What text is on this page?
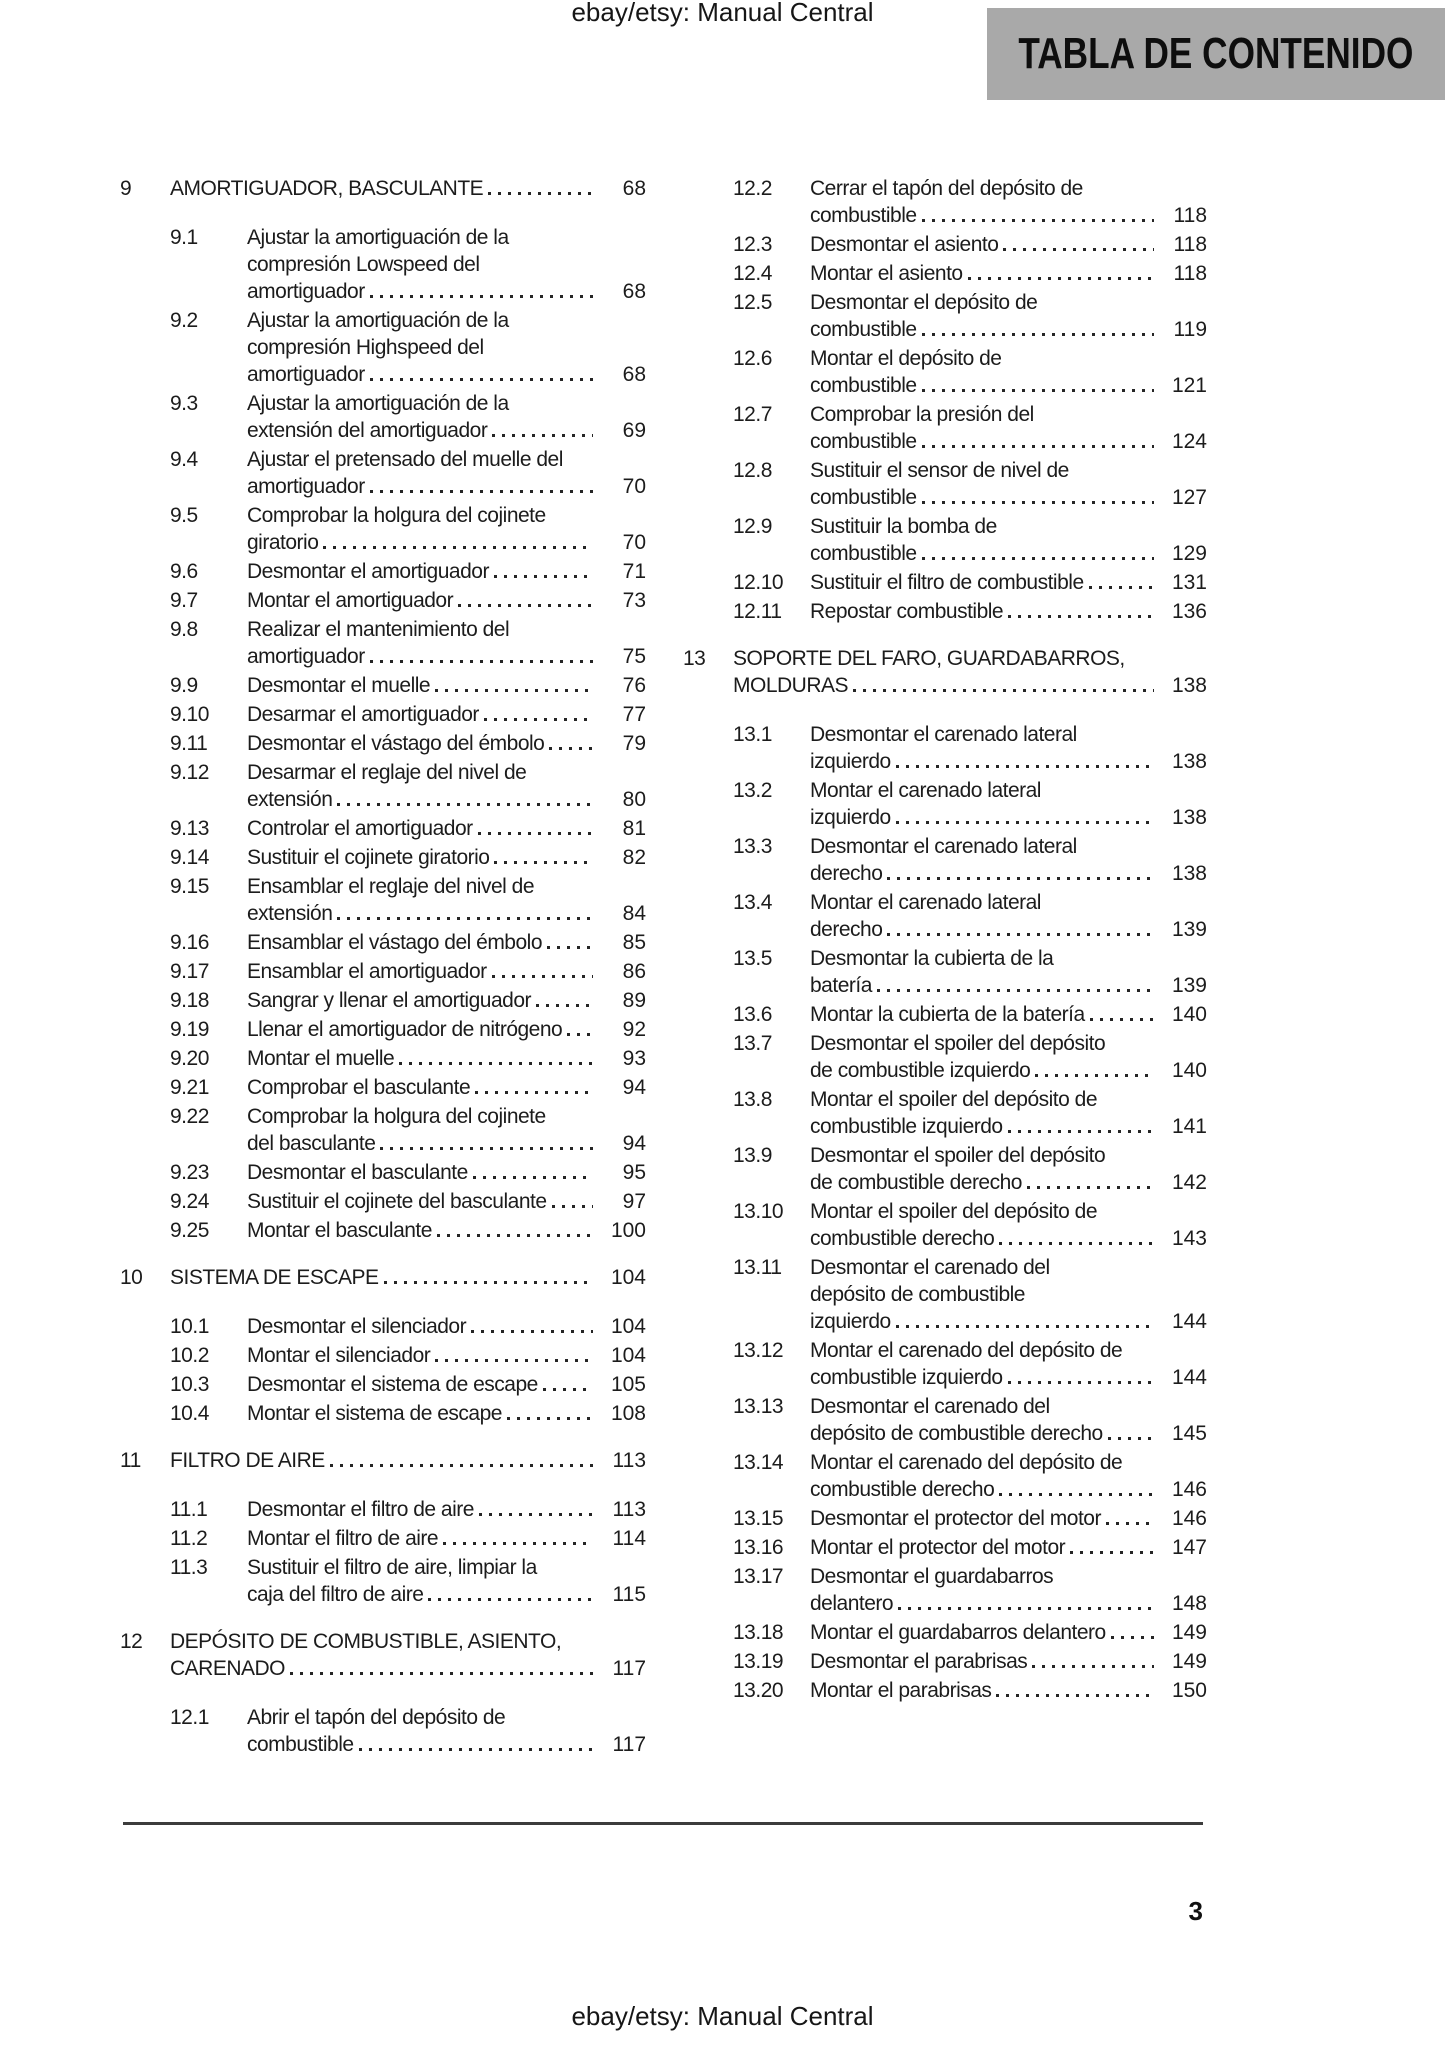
ebay/etsy: Manual Central
TABLA DE CONTENIDO
9	AMORTIGUADOR, BASCULANTE	68
9.1	Ajustar la amortiguación de la
compresión Lowspeed del
amortiguador	68
9.2	Ajustar la amortiguación de la
compresión Highspeed del
amortiguador	68
9.3	Ajustar la amortiguación de la
extensión del amortiguador	69
9.4	Ajustar el pretensado del muelle del
amortiguador	70
9.5	Comprobar la holgura del cojinete
giratorio	70
9.6	Desmontar el amortiguador	71
9.7	Montar el amortiguador	73
9.8	Realizar el mantenimiento del
amortiguador	75
9.9	Desmontar el muelle	76
9.10	Desarmar el amortiguador	77
9.11	Desmontar el vástago del émbolo	79
9.12	Desarmar el reglaje del nivel de
extensión	80
9.13	Controlar el amortiguador	81
9.14	Sustituir el cojinete giratorio	82
9.15	Ensamblar el reglaje del nivel de
extensión	84
9.16	Ensamblar el vástago del émbolo	85
9.17	Ensamblar el amortiguador	86
9.18	Sangrar y llenar el amortiguador	89
9.19	Llenar el amortiguador de nitrógeno	92
9.20	Montar el muelle	93
9.21	Comprobar el basculante	94
9.22	Comprobar la holgura del cojinete
del basculante	94
9.23	Desmontar el basculante	95
9.24	Sustituir el cojinete del basculante	97
9.25	Montar el basculante	100
10	SISTEMA DE ESCAPE	104
10.1	Desmontar el silenciador	104
10.2	Montar el silenciador	104
10.3	Desmontar el sistema de escape	105
10.4	Montar el sistema de escape	108
11	FILTRO DE AIRE	113
11.1	Desmontar el filtro de aire	113
11.2	Montar el filtro de aire	114
11.3	Sustituir el filtro de aire, limpiar la
caja del filtro de aire	115
12	DEPÓSITO DE COMBUSTIBLE, ASIENTO,
CARENADO	117
12.1	Abrir el tapón del depósito de
combustible	117
12.2	Cerrar el tapón del depósito de
combustible	118
12.3	Desmontar el asiento	118
12.4	Montar el asiento	118
12.5	Desmontar el depósito de
combustible	119
12.6	Montar el depósito de
combustible	121
12.7	Comprobar la presión del
combustible	124
12.8	Sustituir el sensor de nivel de
combustible	127
12.9	Sustituir la bomba de
combustible	129
12.10	Sustituir el filtro de combustible	131
12.11	Repostar combustible	136
13	SOPORTE DEL FARO, GUARDABARROS,
MOLDURAS	138
13.1	Desmontar el carenado lateral
izquierdo	138
13.2	Montar el carenado lateral
izquierdo	138
13.3	Desmontar el carenado lateral
derecho	138
13.4	Montar el carenado lateral
derecho	139
13.5	Desmontar la cubierta de la
batería	139
13.6	Montar la cubierta de la batería	140
13.7	Desmontar el spoiler del depósito
de combustible izquierdo	140
13.8	Montar el spoiler del depósito de
combustible izquierdo	141
13.9	Desmontar el spoiler del depósito
de combustible derecho	142
13.10	Montar el spoiler del depósito de
combustible derecho	143
13.11	Desmontar el carenado del
depósito de combustible
izquierdo	144
13.12	Montar el carenado del depósito de
combustible izquierdo	144
13.13	Desmontar el carenado del
depósito de combustible derecho	145
13.14	Montar el carenado del depósito de
combustible derecho	146
13.15	Desmontar el protector del motor	146
13.16	Montar el protector del motor	147
13.17	Desmontar el guardabarros
delantero	148
13.18	Montar el guardabarros delantero	149
13.19	Desmontar el parabrisas	149
13.20	Montar el parabrisas	150
3
ebay/etsy: Manual Central
